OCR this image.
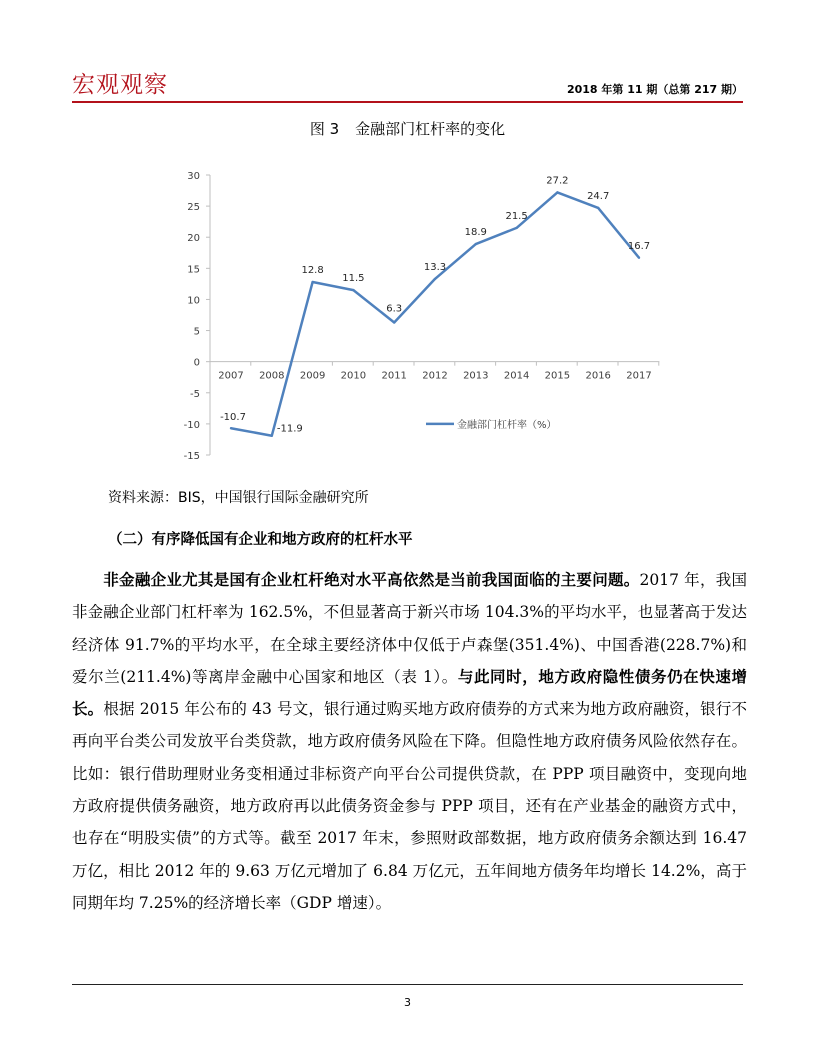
宏观观察	2018 年第 11 期（总第 217 期）
图 3 金融部门杠杆率的变化
30
25
20
15
10
5
0
-5
-10
-15
2007 2008 2009 2010 2011 2012 2013 2014 2015 2016 2017
-10.7
-11.9
12.8
11.5
6.3
13.3
18.9
21.5
27.2
24.7
16.7
金融部门杠杆率（%）
资料来源：BIS，中国银行国际金融研究所
（二）有序降低国有企业和地方政府的杠杆水平
非金融企业尤其是国有企业杠杆绝对水平高依然是当前我国面临的主要问题。2017 年，我国非金融企业部门杠杆率为 162.5%，不但显著高于新兴市场 104.3%的平均水平，也显著高于发达经济体 91.7%的平均水平，在全球主要经济体中仅低于卢森堡(351.4%)、中国香港(228.7%)和爱尔兰(211.4%)等离岸金融中心国家和地区（表 1）。与此同时，地方政府隐性债务仍在快速增长。根据 2015 年公布的 43 号文，银行通过购买地方政府债券的方式来为地方政府融资，银行不再向平台类公司发放平台类贷款，地方政府债务风险在下降。但隐性地方政府债务风险依然存在。比如：银行借助理财业务变相通过非标资产向平台公司提供贷款，在 PPP 项目融资中，变现向地方政府提供债务融资，地方政府再以此债务资金参与 PPP 项目，还有在产业基金的融资方式中，也存在“明股实债”的方式等。截至 2017 年末，参照财政部数据，地方政府债务余额达到 16.47 万亿，相比 2012 年的 9.63 万亿元增加了 6.84 万亿元，五年间地方债务年均增长 14.2%，高于同期年均 7.25%的经济增长率（GDP 增速）。
3
